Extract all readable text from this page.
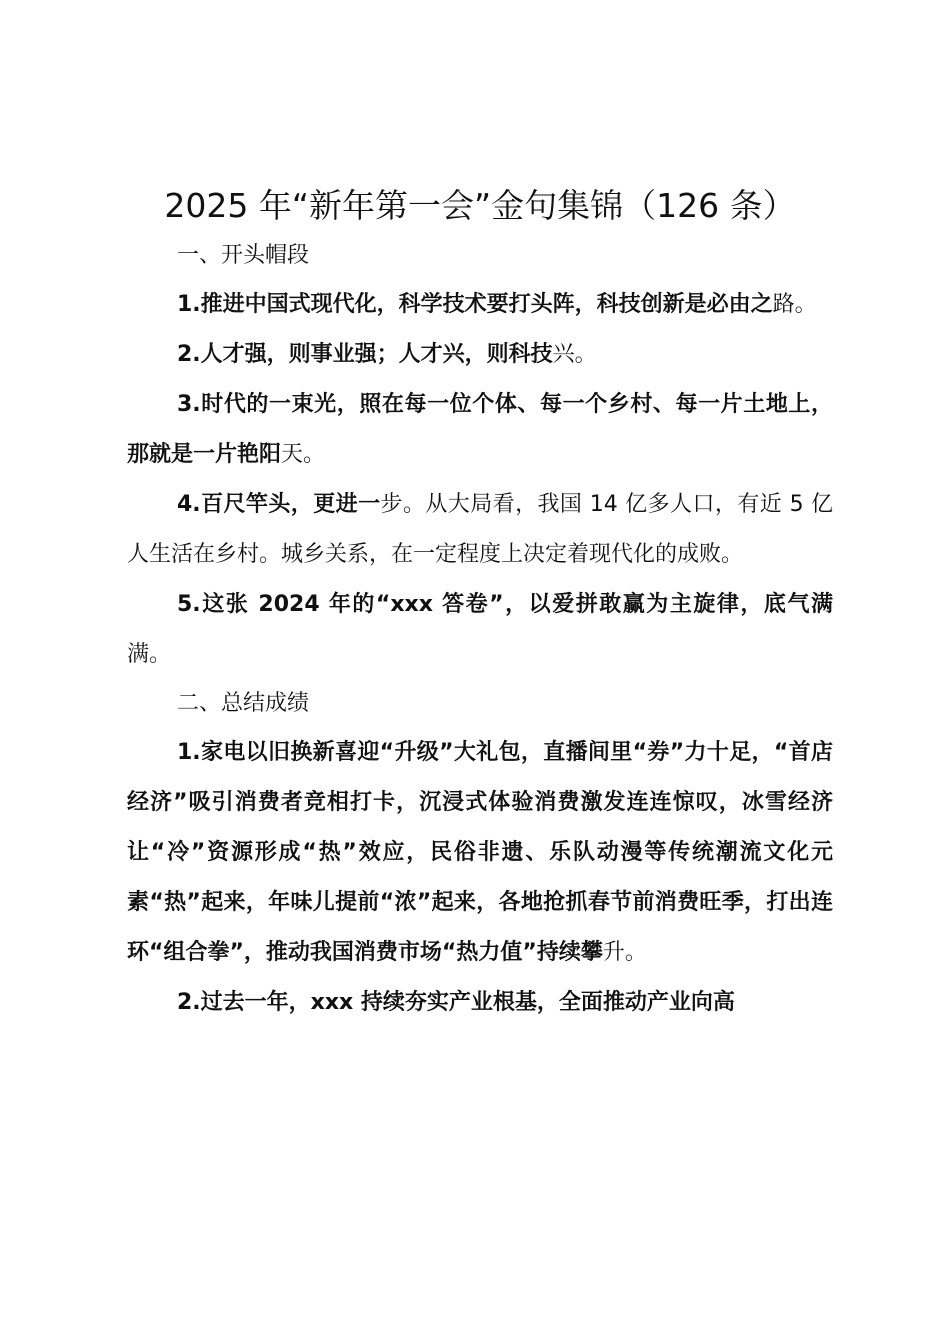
2025 年“新年第一会”金句集锦（126 条）
一、开头帽段

1.推进中国式现代化，科学技术要打头阵，科技创新是必由之路。

2.人才强，则事业强；人才兴，则科技兴。

3.时代的一束光，照在每一位个体、每一个乡村、每一片土地上，那就是一片艳阳天。

4.百尺竿头，更进一步。从大局看，我国 14 亿多人口，有近 5 亿人生活在乡村。城乡关系，在一定程度上决定着现代化的成败。

5.这张 2024 年的“xxx 答卷”，以爱拼敢赢为主旋律，底气满满。

二、总结成绩

1.家电以旧换新喜迎“升级”大礼包，直播间里“券”力十足，“首店经济”吸引消费者竞相打卡，沉浸式体验消费激发连连惊叹，冰雪经济让“冷”资源形成“热”效应，民俗非遗、乐队动漫等传统潮流文化元素“热”起来，年味儿提前“浓”起来，各地抢抓春节前消费旺季，打出连环“组合拳”，推动我国消费市场“热力值”持续攀升。

2.过去一年，xxx 持续夯实产业根基，全面推动产业向高
